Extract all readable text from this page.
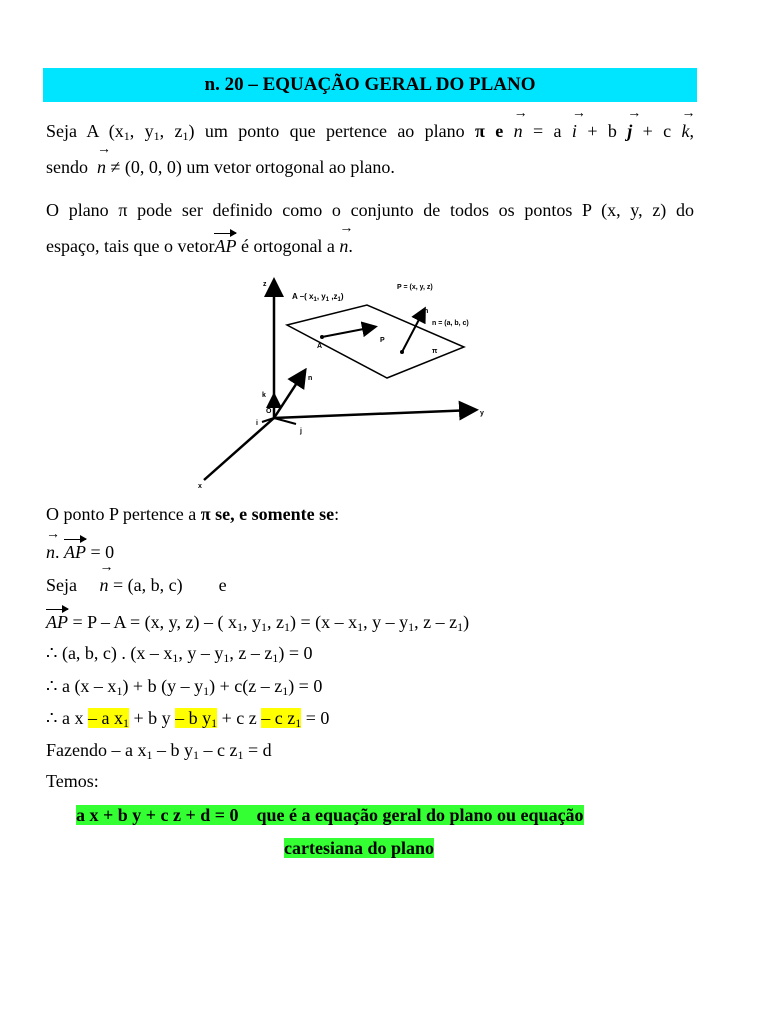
n. 20 – EQUAÇÃO GERAL DO PLANO
Seja A ($x_1$, $y_1$, $z_1$) um ponto que pertence ao plano π e → n = a → i + b → j + c → k,
sendo → n ≠ (0, 0, 0) um vetor ortogonal ao plano.
O plano π pode ser definido como o conjunto de todos os pontos P (x, y, z) do
espaço, tais que o vetorAP é ortogonal a → n.
A –( $x_1$, $y_1$ $,z_1$)
P = (x, y, z)
n = (a, b, c)
A
P
π
z
y
x
O
k
i
j
n
n
O ponto P pertence a π se, e somente se:
→ n. AP = 0
Seja → n = (a, b, c) e
AP = P – A = (x, y, z) – ( $x_1$, $y_1$, $z_1) = (x - x_1$, y – $y_1$, z – $z_1$)
∴ (a, b, c) . ($x - x_1$, y – $y_1$, $z - z_1) = 0$
∴ a $(x - x_1) + b$ $(y - y_1) + c(z - z_1) = 0$
∴ a x – a $x_1 + b$ y – b $y_1 + c$ z – c $z_1 = 0$
Fazendo – a $x_1$ – b $y_1$ – c $z_1 = d$
Temos:
a x + b y + c z + d = 0 que é a equação geral do plano ou equação
cartesiana do plano
